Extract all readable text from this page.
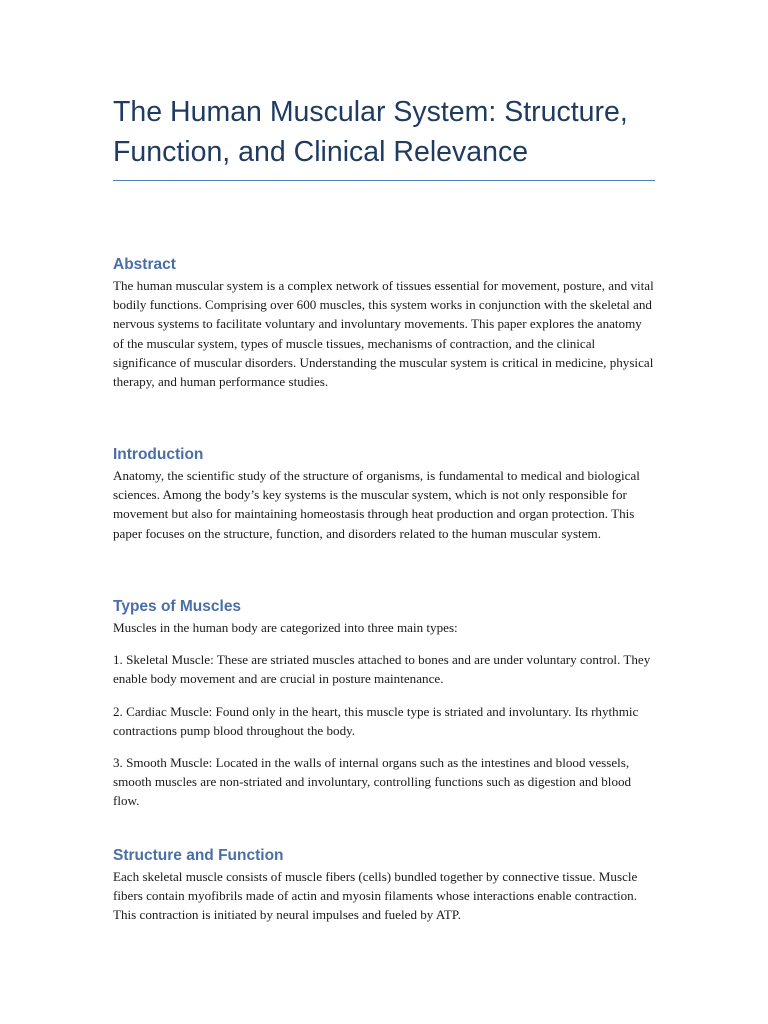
The Human Muscular System: Structure, Function, and Clinical Relevance
Abstract

The human muscular system is a complex network of tissues essential for movement, posture, and vital bodily functions. Comprising over 600 muscles, this system works in conjunction with the skeletal and nervous systems to facilitate voluntary and involuntary movements. This paper explores the anatomy of the muscular system, types of muscle tissues, mechanisms of contraction, and the clinical significance of muscular disorders. Understanding the muscular system is critical in medicine, physical therapy, and human performance studies.

Introduction

Anatomy, the scientific study of the structure of organisms, is fundamental to medical and biological sciences. Among the body’s key systems is the muscular system, which is not only responsible for movement but also for maintaining homeostasis through heat production and organ protection. This paper focuses on the structure, function, and disorders related to the human muscular system.

Types of Muscles

Muscles in the human body are categorized into three main types:

1. Skeletal Muscle: These are striated muscles attached to bones and are under voluntary control. They enable body movement and are crucial in posture maintenance.

2. Cardiac Muscle: Found only in the heart, this muscle type is striated and involuntary. Its rhythmic contractions pump blood throughout the body.

3. Smooth Muscle: Located in the walls of internal organs such as the intestines and blood vessels, smooth muscles are non-striated and involuntary, controlling functions such as digestion and blood flow.

Structure and Function

Each skeletal muscle consists of muscle fibers (cells) bundled together by connective tissue. Muscle fibers contain myofibrils made of actin and myosin filaments whose interactions enable contraction. This contraction is initiated by neural impulses and fueled by ATP.
